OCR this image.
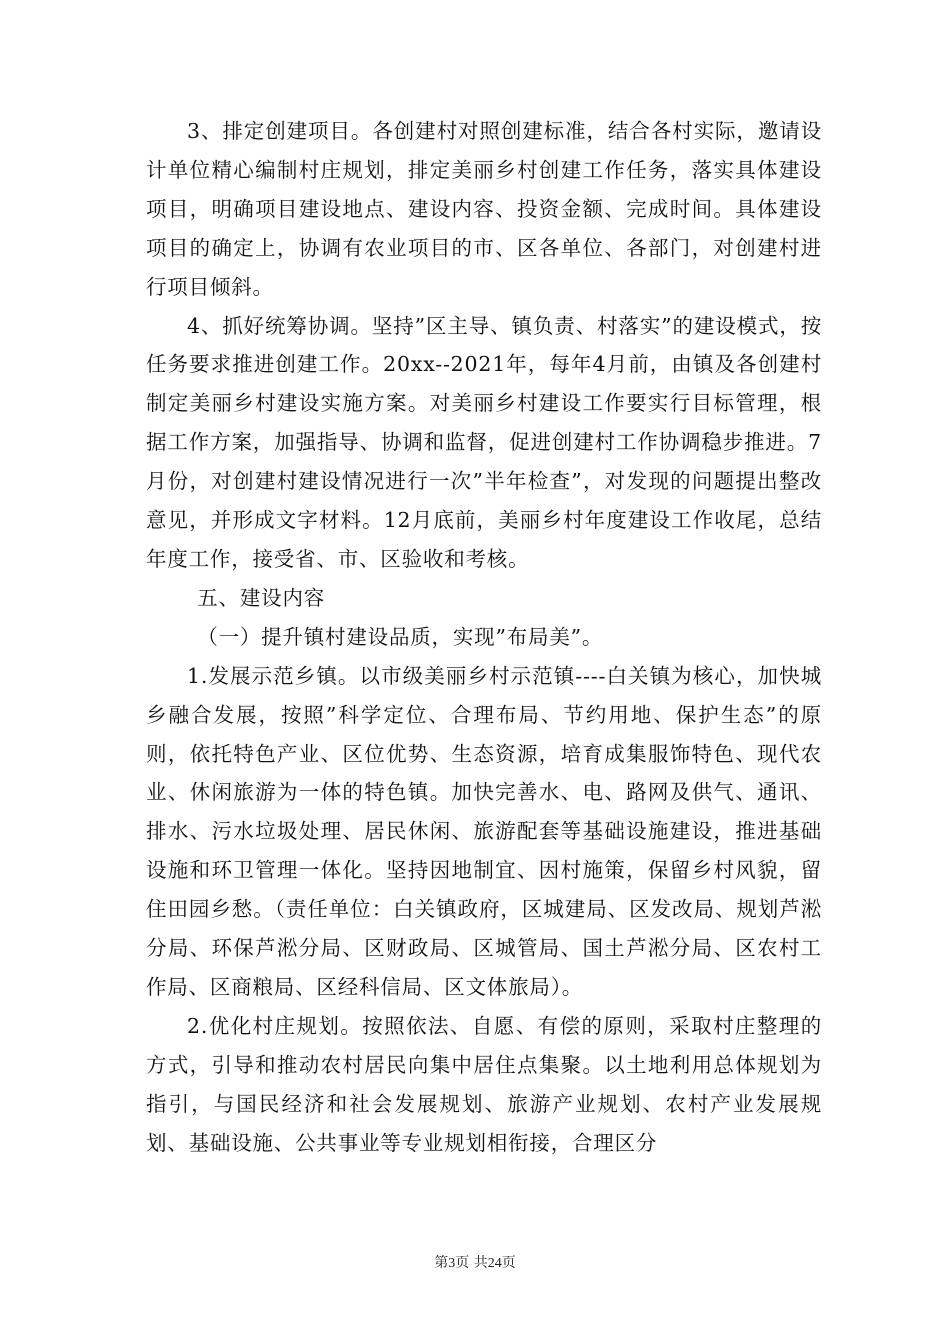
3、排定创建项目。各创建村对照创建标准，结合各村实际，邀请设计单位精心编制村庄规划，排定美丽乡村创建工作任务，落实具体建设项目，明确项目建设地点、建设内容、投资金额、完成时间。具体建设项目的确定上，协调有农业项目的市、区各单位、各部门，对创建村进行项目倾斜。

4、抓好统筹协调。坚持”区主导、镇负责、村落实”的建设模式，按任务要求推进创建工作。20xx--2021年，每年4月前，由镇及各创建村制定美丽乡村建设实施方案。对美丽乡村建设工作要实行目标管理，根据工作方案，加强指导、协调和监督，促进创建村工作协调稳步推进。7月份，对创建村建设情况进行一次”半年检查”，对发现的问题提出整改意见，并形成文字材料。12月底前，美丽乡村年度建设工作收尾，总结年度工作，接受省、市、区验收和考核。

五、建设内容

（一）提升镇村建设品质，实现”布局美”。

1.发展示范乡镇。以市级美丽乡村示范镇----白关镇为核心，加快城乡融合发展，按照”科学定位、合理布局、节约用地、保护生态”的原则，依托特色产业、区位优势、生态资源，培育成集服饰特色、现代农业、休闲旅游为一体的特色镇。加快完善水、电、路网及供气、通讯、排水、污水垃圾处理、居民休闲、旅游配套等基础设施建设，推进基础设施和环卫管理一体化。坚持因地制宜、因村施策，保留乡村风貌，留住田园乡愁。（责任单位：白关镇政府，区城建局、区发改局、规划芦淞分局、环保芦淞分局、区财政局、区城管局、国土芦淞分局、区农村工作局、区商粮局、区经科信局、区文体旅局）。

2.优化村庄规划。按照依法、自愿、有偿的原则，采取村庄整理的方式，引导和推动农村居民向集中居住点集聚。以土地利用总体规划为指引，与国民经济和社会发展规划、旅游产业规划、农村产业发展规划、基础设施、公共事业等专业规划相衔接，合理区分

第3页 共24页
